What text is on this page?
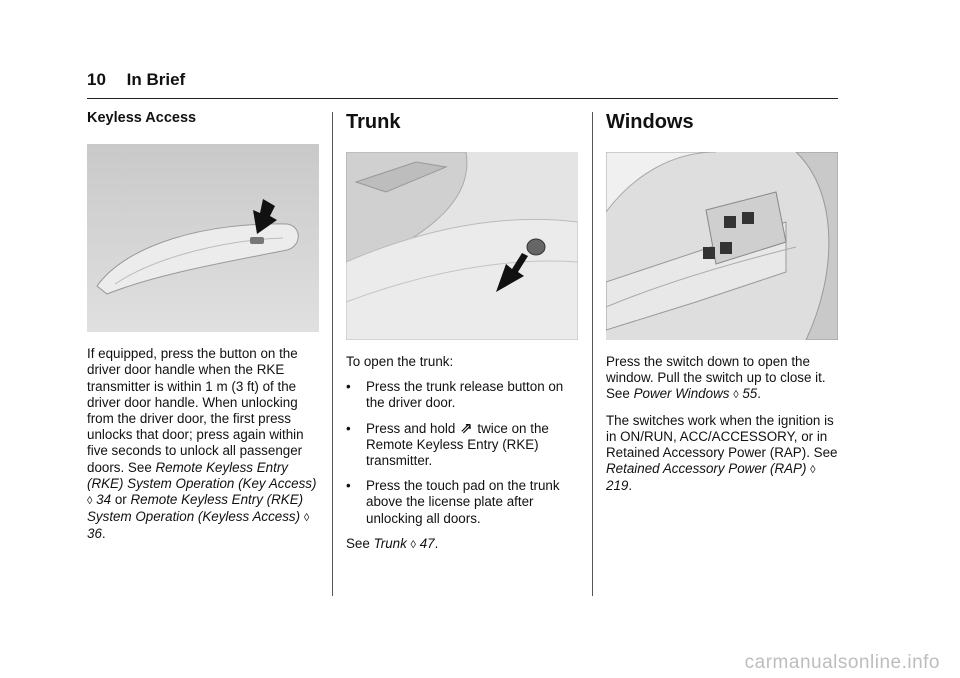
10 In Brief
Keyless Access

If equipped, press the button on the driver door handle when the RKE transmitter is within 1 m (3 ft) of the driver door handle. When unlocking from the driver door, the first press unlocks that door; press again within five seconds to unlock all passenger doors. See Remote Keyless Entry (RKE) System Operation (Key Access) ◊ 34 or Remote Keyless Entry (RKE) System Operation (Keyless Access) ◊ 36.

Trunk

To open the trunk:

• Press the trunk release button on the driver door.
• Press and hold ⇗ twice on the Remote Keyless Entry (RKE) transmitter.
• Press the touch pad on the trunk above the license plate after unlocking all doors.

See Trunk ◊ 47.

Windows

Press the switch down to open the window. Pull the switch up to close it. See Power Windows ◊ 55.

The switches work when the ignition is in ON/RUN, ACC/ACCESSORY, or in Retained Accessory Power (RAP). See Retained Accessory Power (RAP) ◊ 219.

carmanualsonline.info
